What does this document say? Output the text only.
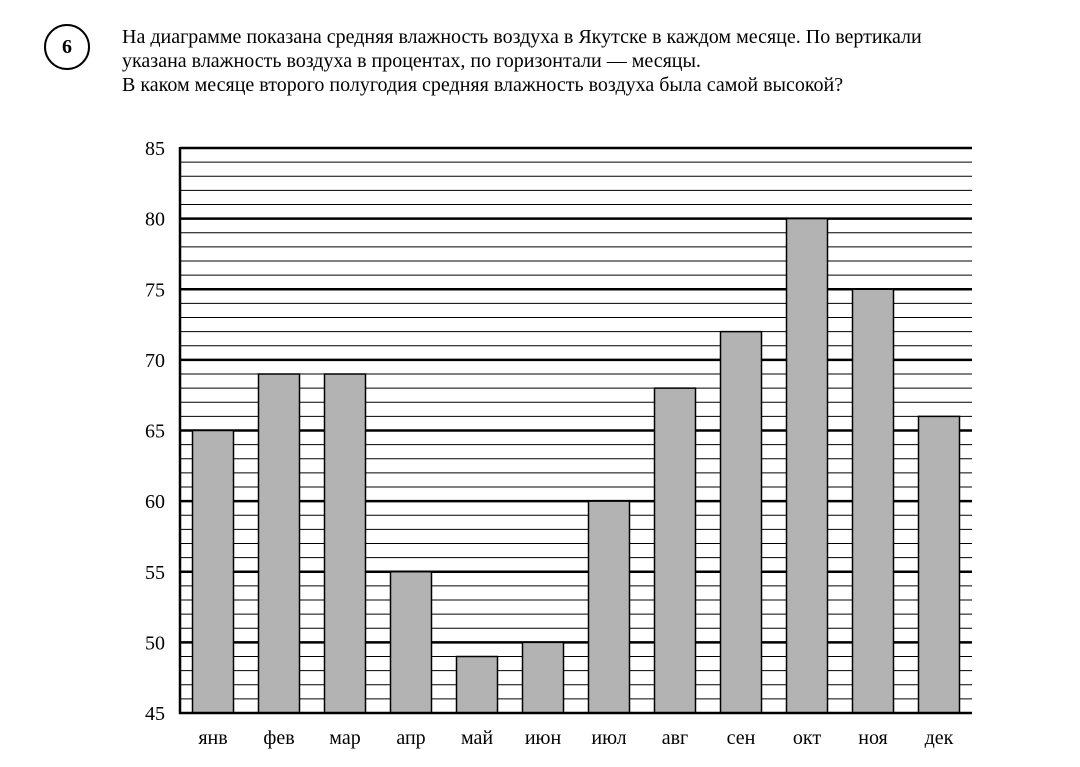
6	На диаграмме показана средняя влажность воздуха в Якутске в каждом месяце. По вертикали

указана влажность воздуха в процентах, по горизонтали — месяцы.

В каком месяце второго полугодия средняя влажность воздуха была самой высокой?

янв фев мар апр май июн июл авг сен окт ноя дек
45
50
55
60
65
70
75
80
85
